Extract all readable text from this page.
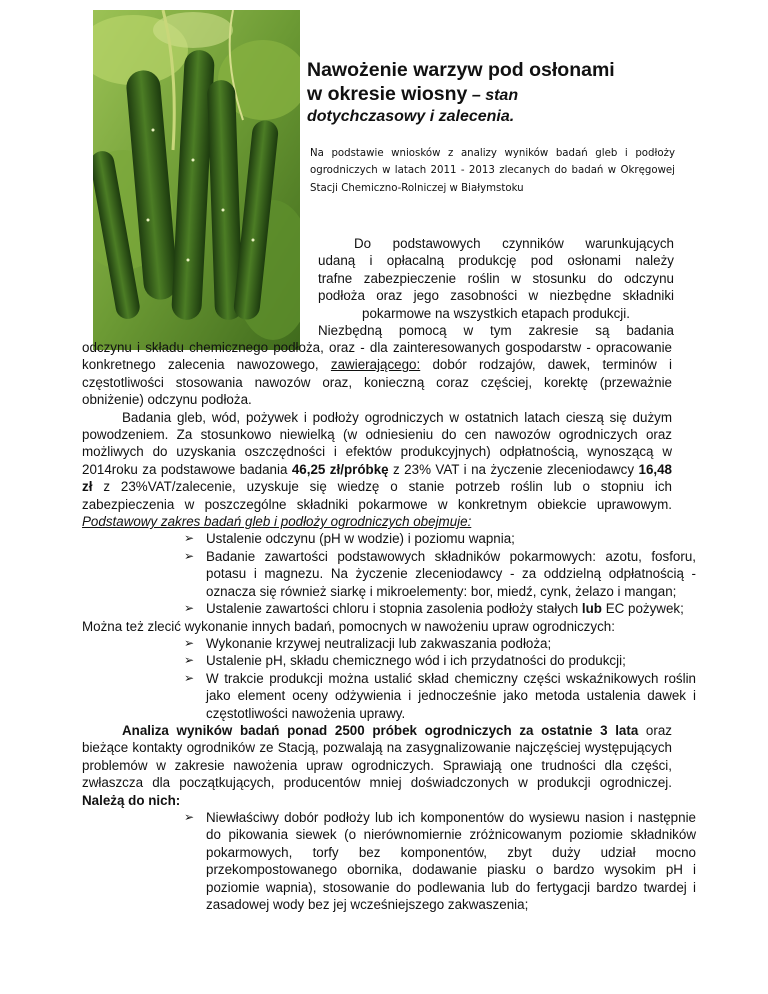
Nawożenie warzyw pod osłonami
w okresie wiosny – stan
dotychczasowy i zalecenia.
Na podstawie wniosków z analizy wyników badań gleb i podłoży ogrodniczych w latach 2011 - 2013 zlecanych do badań w Okręgowej Stacji Chemiczno-Rolniczej w Białymstoku
Do podstawowych czynników warunkujących
udaną i opłacalną produkcję pod osłonami należy
trafne zabezpieczenie roślin w stosunku do odczynu
podłoża oraz jego zasobności w niezbędne składniki
pokarmowe na wszystkich etapach produkcji.
Niezbędną pomocą w tym zakresie są badania

odczynu i składu chemicznego podłoża, oraz - dla zainteresowanych gospodarstw - opracowanie konkretnego zalecenia nawozowego, zawierającego: dobór rodzajów, dawek, terminów i częstotliwości stosowania nawozów oraz, konieczną coraz częściej, korektę (przeważnie obniżenie) odczynu podłoża.

Badania gleb, wód, pożywek i podłoży ogrodniczych w ostatnich latach cieszą się dużym powodzeniem. Za stosunkowo niewielką (w odniesieniu do cen nawozów ogrodniczych oraz możliwych do uzyskania oszczędności i efektów produkcyjnych) odpłatnością, wynoszącą w 2014roku za podstawowe badania 46,25 zł/próbkę z 23% VAT i na życzenie zleceniodawcy 16,48 zł z 23%VAT/zalecenie, uzyskuje się wiedzę o stanie potrzeb roślin lub o stopniu ich zabezpieczenia w poszczególne składniki pokarmowe w konkretnym obiekcie uprawowym. Podstawowy zakres badań gleb i podłoży ogrodniczych obejmuje:

➢ Ustalenie odczynu (pH w wodzie) i poziomu wapnia;
➢ Badanie zawartości podstawowych składników pokarmowych: azotu, fosforu, potasu i magnezu. Na życzenie zleceniodawcy - za oddzielną odpłatnością - oznacza się również siarkę i mikroelementy: bor, miedź, cynk, żelazo i mangan;
➢ Ustalenie zawartości chloru i stopnia zasolenia podłoży stałych lub EC pożywek;

Można też zlecić wykonanie innych badań, pomocnych w nawożeniu upraw ogrodniczych:

➢ Wykonanie krzywej neutralizacji lub zakwaszania podłoża;
➢ Ustalenie pH, składu chemicznego wód i ich przydatności do produkcji;
➢ W trakcie produkcji można ustalić skład chemiczny części wskaźnikowych roślin jako element oceny odżywienia i jednocześnie jako metoda ustalenia dawek i częstotliwości nawożenia uprawy.

Analiza wyników badań ponad 2500 próbek ogrodniczych za ostatnie 3 lata oraz bieżące kontakty ogrodników ze Stacją, pozwalają na zasygnalizowanie najczęściej występujących problemów w zakresie nawożenia upraw ogrodniczych. Sprawiają one trudności dla części, zwłaszcza dla początkujących, producentów mniej doświadczonych w produkcji ogrodniczej. Należą do nich:

➢ Niewłaściwy dobór podłoży lub ich komponentów do wysiewu nasion i następnie do pikowania siewek (o nierównomiernie zróżnicowanym poziomie składników pokarmowych, torfy bez komponentów, zbyt duży udział mocno przekompostowanego obornika, dodawanie piasku o bardzo wysokim pH i poziomie wapnia), stosowanie do podlewania lub do fertygacji bardzo twardej i zasadowej wody bez jej wcześniejszego zakwaszenia;
